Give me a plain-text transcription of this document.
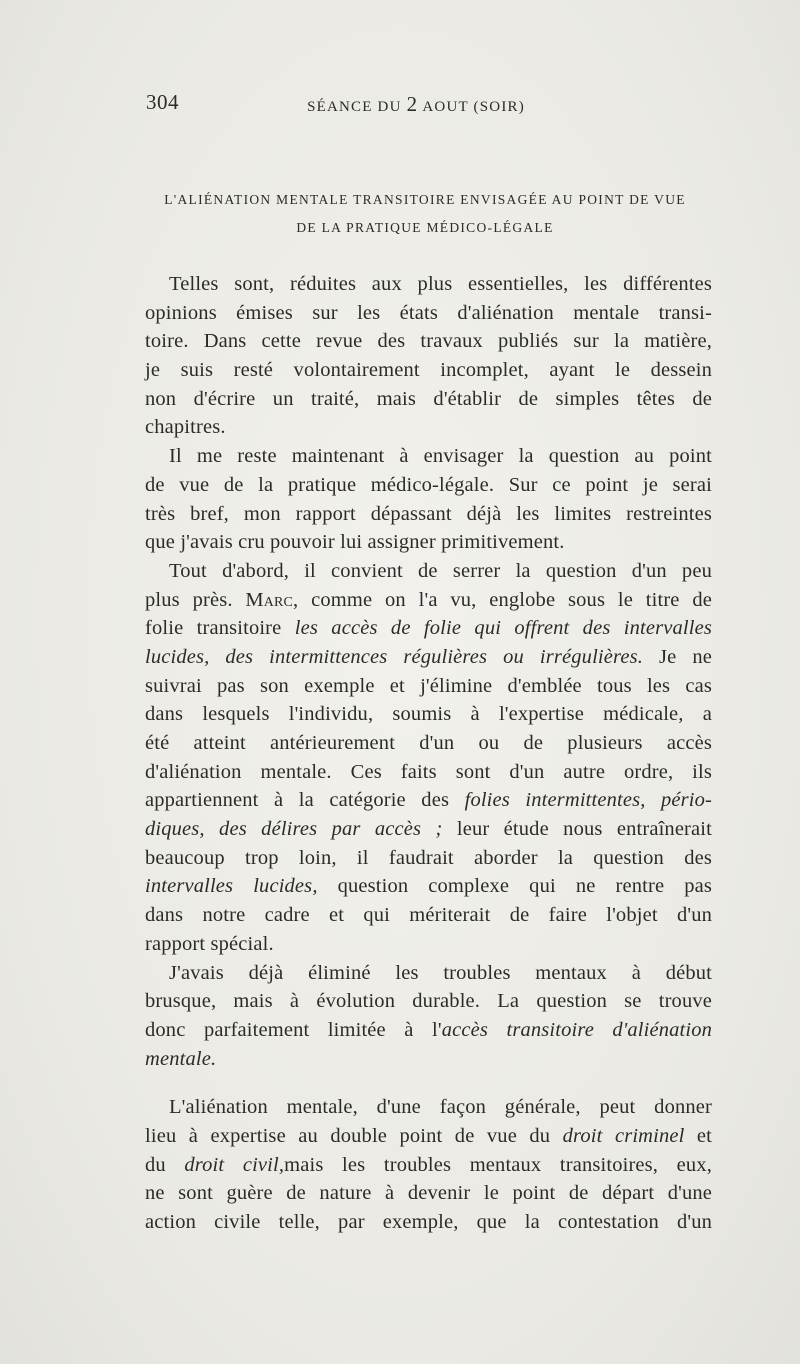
304	SÉANCE DU 2 AOUT (SOIR)
L'ALIÉNATION MENTALE TRANSITOIRE ENVISAGÉE AU POINT DE VUE
DE LA PRATIQUE MÉDICO-LÉGALE
Telles sont, réduites aux plus essentielles, les différentes
opinions émises sur les états d'aliénation mentale transi-
toire. Dans cette revue des travaux publiés sur la matière,
je suis resté volontairement incomplet, ayant le dessein
non d'écrire un traité, mais d'établir de simples têtes de
chapitres.
Il me reste maintenant à envisager la question au point
de vue de la pratique médico-légale. Sur ce point je serai
très bref, mon rapport dépassant déjà les limites restreintes
que j'avais cru pouvoir lui assigner primitivement.
Tout d'abord, il convient de serrer la question d'un peu
plus près. Marc, comme on l'a vu, englobe sous le titre de
folie transitoire les accès de folie qui offrent des intervalles
lucides, des intermittences régulières ou irrégulières. Je ne
suivrai pas son exemple et j'élimine d'emblée tous les cas
dans lesquels l'individu, soumis à l'expertise médicale, a
été atteint antérieurement d'un ou de plusieurs accès
d'aliénation mentale. Ces faits sont d'un autre ordre, ils
appartiennent à la catégorie des folies intermittentes, pério-
diques, des délires par accès ; leur étude nous entraînerait
beaucoup trop loin, il faudrait aborder la question des
intervalles lucides, question complexe qui ne rentre pas
dans notre cadre et qui mériterait de faire l'objet d'un
rapport spécial.
J'avais déjà éliminé les troubles mentaux à début
brusque, mais à évolution durable. La question se trouve
donc parfaitement limitée à l'accès transitoire d'aliénation
mentale.
L'aliénation mentale, d'une façon générale, peut donner
lieu à expertise au double point de vue du droit criminel et
du droit civil,mais les troubles mentaux transitoires, eux,
ne sont guère de nature à devenir le point de départ d'une
action civile telle, par exemple, que la contestation d'un
